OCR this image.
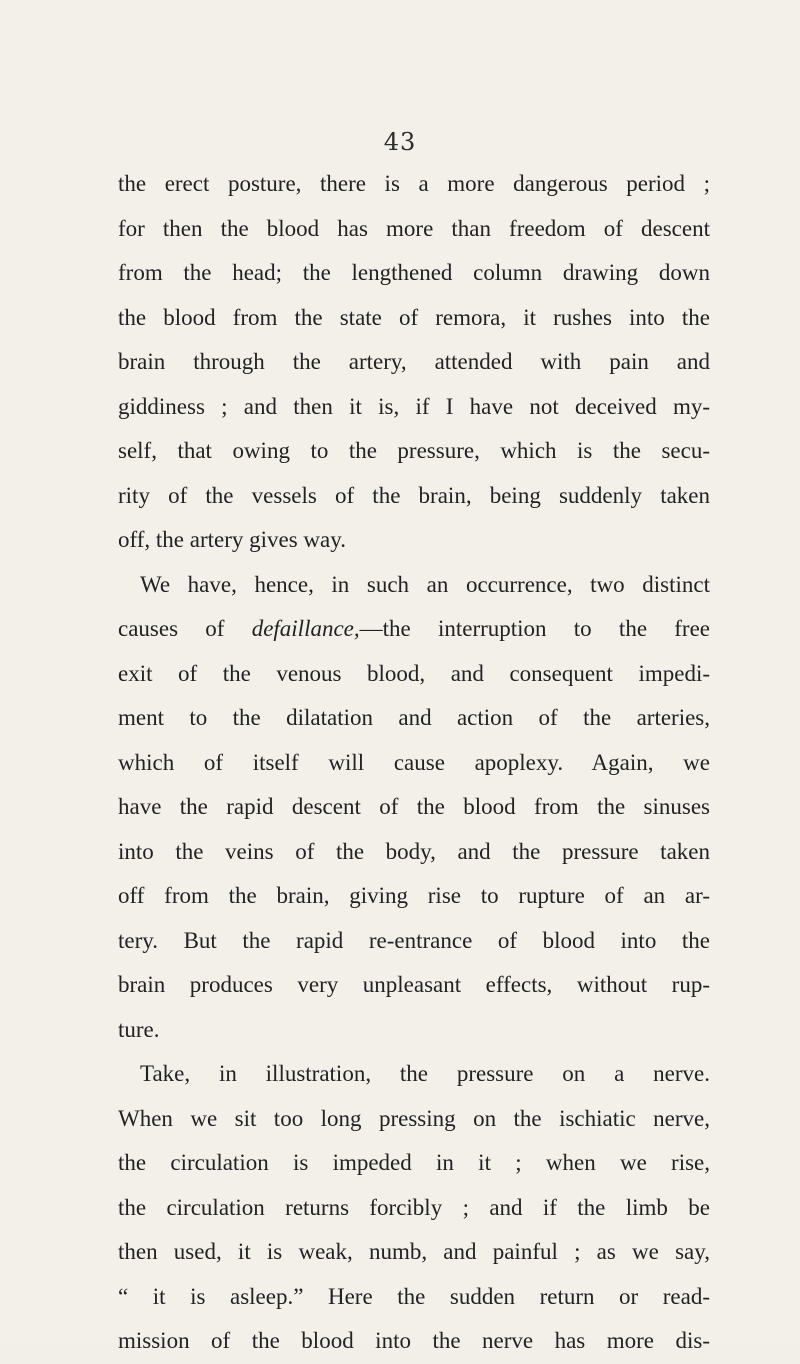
43
the erect posture, there is a more dangerous period ;
for then the blood has more than freedom of descent
from the head; the lengthened column drawing down
the blood from the state of remora, it rushes into the
brain through the artery, attended with pain and
giddiness ; and then it is, if I have not deceived my-
self, that owing to the pressure, which is the secu-
rity of the vessels of the brain, being suddenly taken
off, the artery gives way.
We have, hence, in such an occurrence, two distinct
causes of defaillance,—the interruption to the free
exit of the venous blood, and consequent impedi-
ment to the dilatation and action of the arteries,
which of itself will cause apoplexy. Again, we
have the rapid descent of the blood from the sinuses
into the veins of the body, and the pressure taken
off from the brain, giving rise to rupture of an ar-
tery. But the rapid re-entrance of blood into the
brain produces very unpleasant effects, without rup-
ture.
Take, in illustration, the pressure on a nerve.
When we sit too long pressing on the ischiatic nerve,
the circulation is impeded in it ; when we rise,
the circulation returns forcibly ; and if the limb be
then used, it is weak, numb, and painful ; as we say,
“ it is asleep.” Here the sudden return or read-
mission of the blood into the nerve has more dis-
